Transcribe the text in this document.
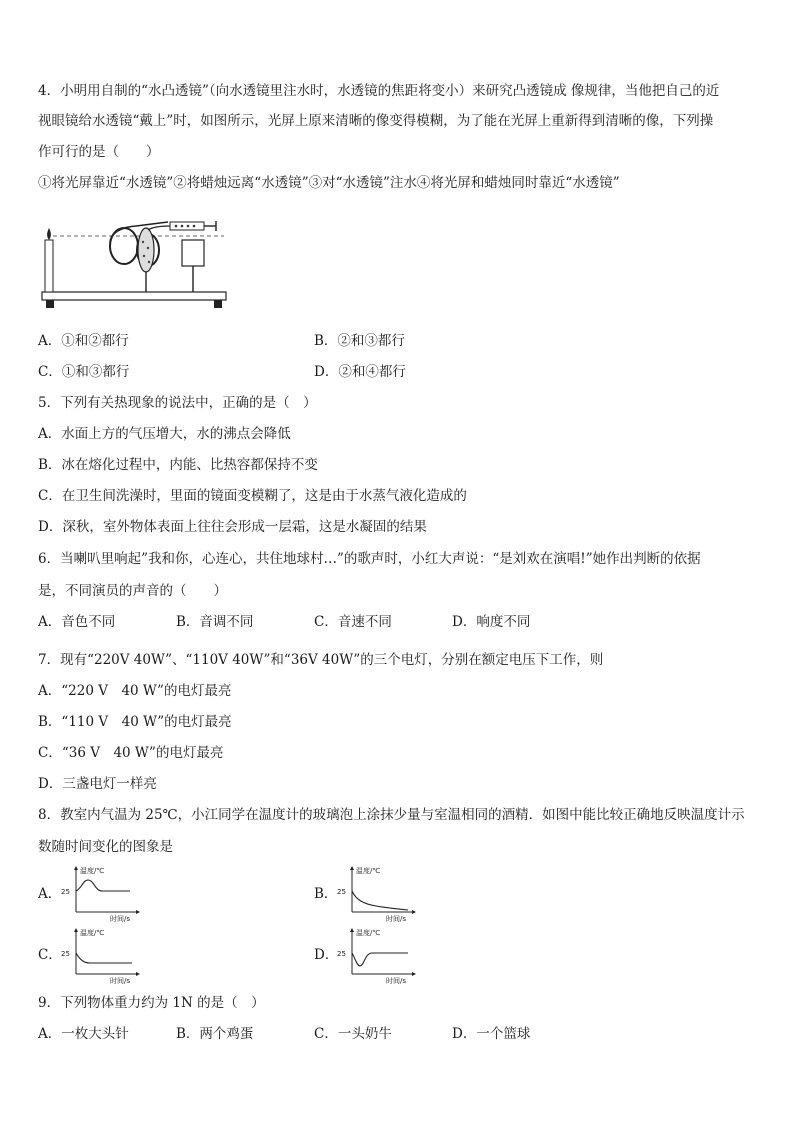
4．小明用自制的“水凸透镜”（向水透镜里注水时，水透镜的焦距将变小）来研究凸透镜成 像规律，当他把自己的近
视眼镜给水透镜“戴上”时，如图所示，光屏上原来清晰的像变得模糊，为了能在光屏上重新得到清晰的像，下列操
作可行的是（　　）
①将光屏靠近“水透镜”②将蜡烛远离“水透镜”③对“水透镜”注水④将光屏和蜡烛同时靠近“水透镜”
A．①和②都行	B．②和③都行
C．①和③都行	D．②和④都行
5．下列有关热现象的说法中，正确的是（　）
A．水面上方的气压增大，水的沸点会降低
B．冰在熔化过程中，内能、比热容都保持不变
C．在卫生间洗澡时，里面的镜面变模糊了，这是由于水蒸气液化造成的
D．深秋，室外物体表面上往往会形成一层霜，这是水凝固的结果
6．当喇叭里响起”我和你，心连心，共住地球村…”的歌声时，小红大声说：“是刘欢在演唱!”她作出判断的依据
是，不同演员的声音的（　　）
A．音色不同	B．音调不同	C．音速不同	D．响度不同
7．现有“220V 40W”、“110V 40W”和“36V 40W”的三个电灯，分别在额定电压下工作，则
A．“220 V　40 W”的电灯最亮
B．“110 V　40 W”的电灯最亮
C．“36 V　40 W”的电灯最亮
D．三盏电灯一样亮
8．教室内气温为 25℃，小江同学在温度计的玻璃泡上涂抹少量与室温相同的酒精．如图中能比较正确地反映温度计示
数随时间变化的图象是
A．	B．
C．	D．
25
温度/℃
时间/s
25
温度/℃
时间/s
25
温度/℃
时间/s
25
温度/℃
时间/s
9．下列物体重力约为 1N 的是（　）
A．一枚大头针	B．两个鸡蛋	C．一头奶牛	D．一个篮球
